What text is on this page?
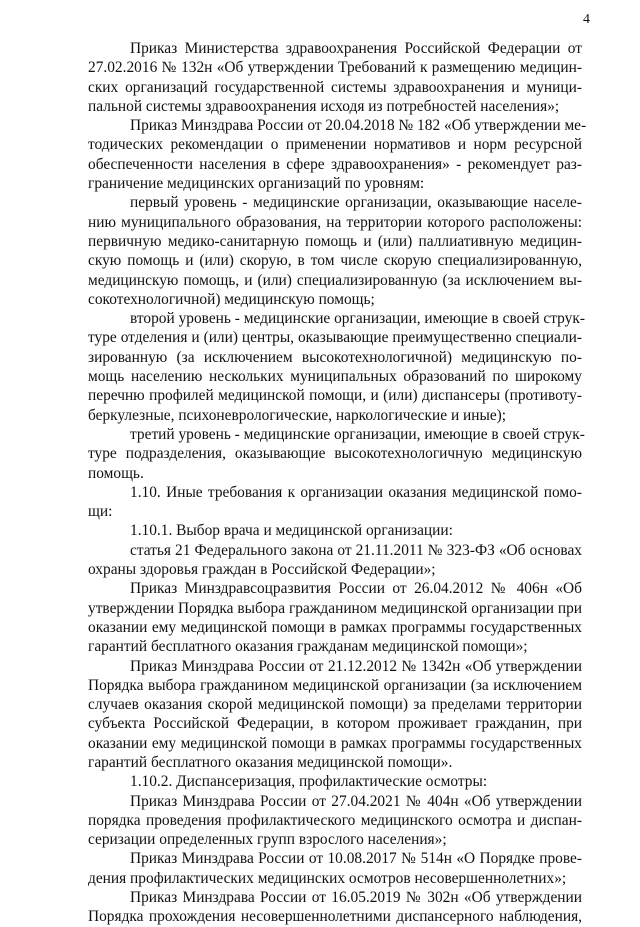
4
Приказ Министерства здравоохранения Российской Федерации от
27.02.2016 № 132н «Об утверждении Требований к размещению медицин-
ских организаций государственной системы здравоохранения и муници-
пальной системы здравоохранения исходя из потребностей населения»;
Приказ Минздрава России от 20.04.2018 № 182 «Об утверждении ме-
тодических рекомендации о применении нормативов и норм ресурсной
обеспеченности населения в сфере здравоохранения» - рекомендует раз-
граничение медицинских организаций по уровням:
первый уровень - медицинские организации, оказывающие населе-
нию муниципального образования, на территории которого расположены:
первичную медико-санитарную помощь и (или) паллиативную медицин-
скую помощь и (или) скорую, в том числе скорую специализированную,
медицинскую помощь, и (или) специализированную (за исключением вы-
сокотехнологичной) медицинскую помощь;
второй уровень - медицинские организации, имеющие в своей струк-
туре отделения и (или) центры, оказывающие преимущественно специали-
зированную (за исключением высокотехнологичной) медицинскую по-
мощь населению нескольких муниципальных образований по широкому
перечню профилей медицинской помощи, и (или) диспансеры (противоту-
беркулезные, психоневрологические, наркологические и иные);
третий уровень - медицинские организации, имеющие в своей струк-
туре подразделения, оказывающие высокотехнологичную медицинскую
помощь.
1.10. Иные требования к организации оказания медицинской помо-
щи:
1.10.1. Выбор врача и медицинской организации:
статья 21 Федерального закона от 21.11.2011 № 323-ФЗ «Об основах
охраны здоровья граждан в Российской Федерации»;
Приказ Минздравсоцразвития России от 26.04.2012 № 406н «Об
утверждении Порядка выбора гражданином медицинской организации при
оказании ему медицинской помощи в рамках программы государственных
гарантий бесплатного оказания гражданам медицинской помощи»;
Приказ Минздрава России от 21.12.2012 № 1342н «Об утверждении
Порядка выбора гражданином медицинской организации (за исключением
случаев оказания скорой медицинской помощи) за пределами территории
субъекта Российской Федерации, в котором проживает гражданин, при
оказании ему медицинской помощи в рамках программы государственных
гарантий бесплатного оказания медицинской помощи».
1.10.2. Диспансеризация, профилактические осмотры:
Приказ Минздрава России от 27.04.2021 № 404н «Об утверждении
порядка проведения профилактического медицинского осмотра и диспан-
серизации определенных групп взрослого населения»;
Приказ Минздрава России от 10.08.2017 № 514н «О Порядке прове-
дения профилактических медицинских осмотров несовершеннолетних»;
Приказ Минздрава России от 16.05.2019 № 302н «Об утверждении
Порядка прохождения несовершеннолетними диспансерного наблюдения,
